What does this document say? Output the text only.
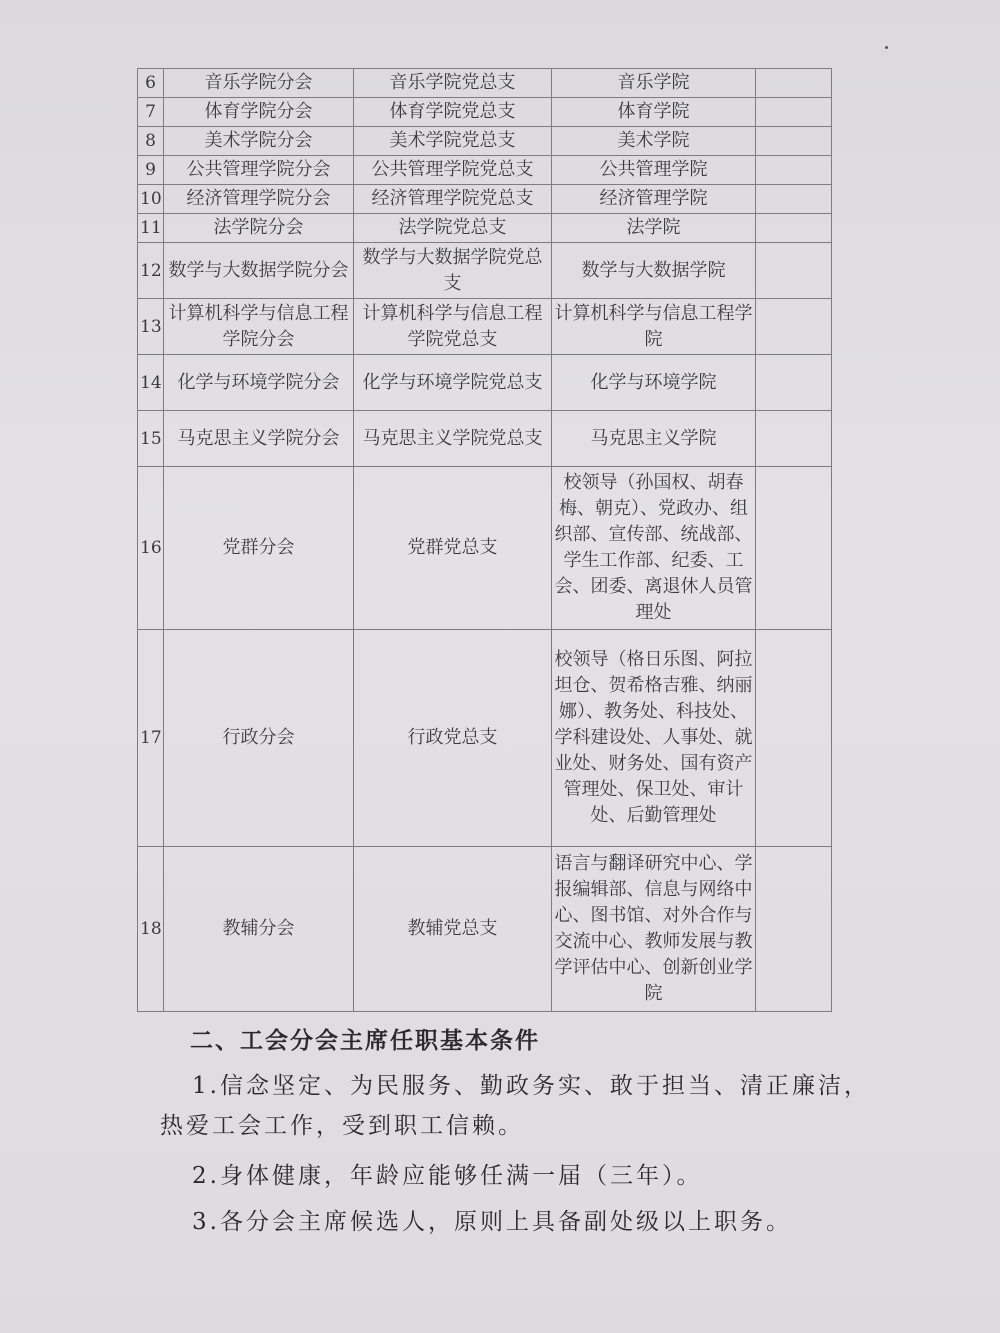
6	音乐学院分会	音乐学院党总支	音乐学院	
7	体育学院分会	体育学院党总支	体育学院	
8	美术学院分会	美术学院党总支	美术学院	
9	公共管理学院分会	公共管理学院党总支	公共管理学院	
10	经济管理学院分会	经济管理学院党总支	经济管理学院	
11	法学院分会	法学院党总支	法学院	
12	数学与大数据学院分会	数学与大数据学院党总支	数学与大数据学院	
13	计算机科学与信息工程学院分会	计算机科学与信息工程学院党总支	计算机科学与信息工程学院	
14	化学与环境学院分会	化学与环境学院党总支	化学与环境学院	
15	马克思主义学院分会	马克思主义学院党总支	马克思主义学院	
16	党群分会	党群党总支	校领导（孙国权、胡春梅、朝克）、党政办、组织部、宣传部、统战部、学生工作部、纪委、工会、团委、离退休人员管理处	
17	行政分会	行政党总支	校领导（格日乐图、阿拉坦仓、贺希格吉雅、纳丽娜）、教务处、科技处、学科建设处、人事处、就业处、财务处、国有资产管理处、保卫处、审计处、后勤管理处	
18	教辅分会	教辅党总支	语言与翻译研究中心、学报编辑部、信息与网络中心、图书馆、对外合作与交流中心、教师发展与教学评估中心、创新创业学院	
二、工会分会主席任职基本条件
1.信念坚定、为民服务、勤政务实、敢于担当、清正廉洁，热爱工会工作，受到职工信赖。
2.身体健康，年龄应能够任满一届（三年）。
3.各分会主席候选人，原则上具备副处级以上职务。
